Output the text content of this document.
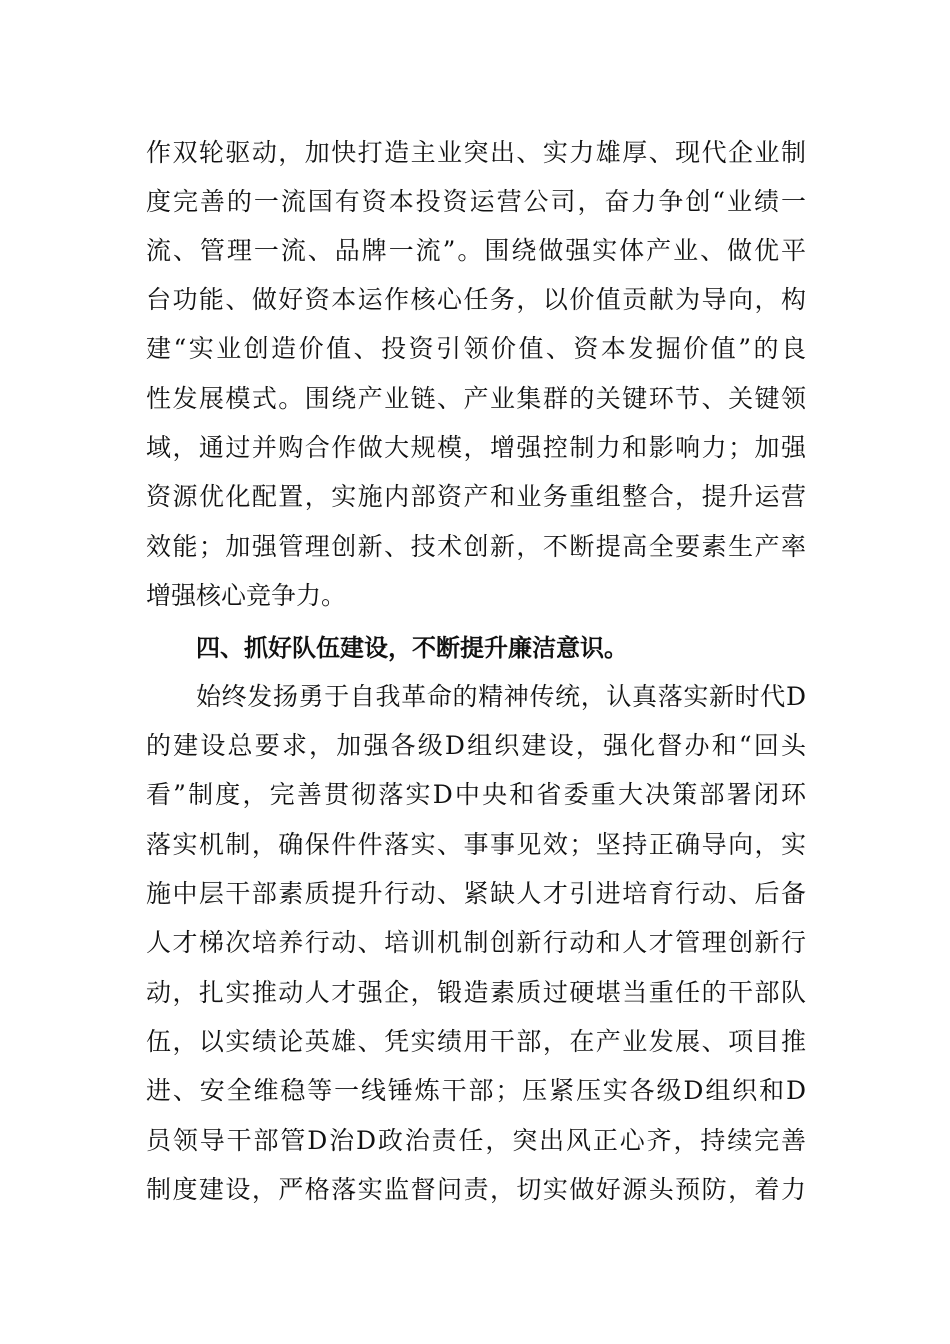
作双轮驱动，加快打造主业突出、实力雄厚、现代企业制
度完善的一流国有资本投资运营公司，奋力争创“业绩一
流、管理一流、品牌一流”。围绕做强实体产业、做优平
台功能、做好资本运作核心任务，以价值贡献为导向，构
建“实业创造价值、投资引领价值、资本发掘价值”的良
性发展模式。围绕产业链、产业集群的关键环节、关键领
域，通过并购合作做大规模，增强控制力和影响力；加强
资源优化配置，实施内部资产和业务重组整合，提升运营
效能；加强管理创新、技术创新，不断提高全要素生产率
增强核心竞争力。
四、抓好队伍建设，不断提升廉洁意识。
始终发扬勇于自我革命的精神传统，认真落实新时代D
的建设总要求，加强各级D组织建设，强化督办和“回头
看”制度，完善贯彻落实D中央和省委重大决策部署闭环
落实机制，确保件件落实、事事见效；坚持正确导向，实
施中层干部素质提升行动、紧缺人才引进培育行动、后备
人才梯次培养行动、培训机制创新行动和人才管理创新行
动，扎实推动人才强企，锻造素质过硬堪当重任的干部队
伍，以实绩论英雄、凭实绩用干部，在产业发展、项目推
进、安全维稳等一线锤炼干部；压紧压实各级D组织和D
员领导干部管D治D政治责任，突出风正心齐，持续完善
制度建设，严格落实监督问责，切实做好源头预防，着力
